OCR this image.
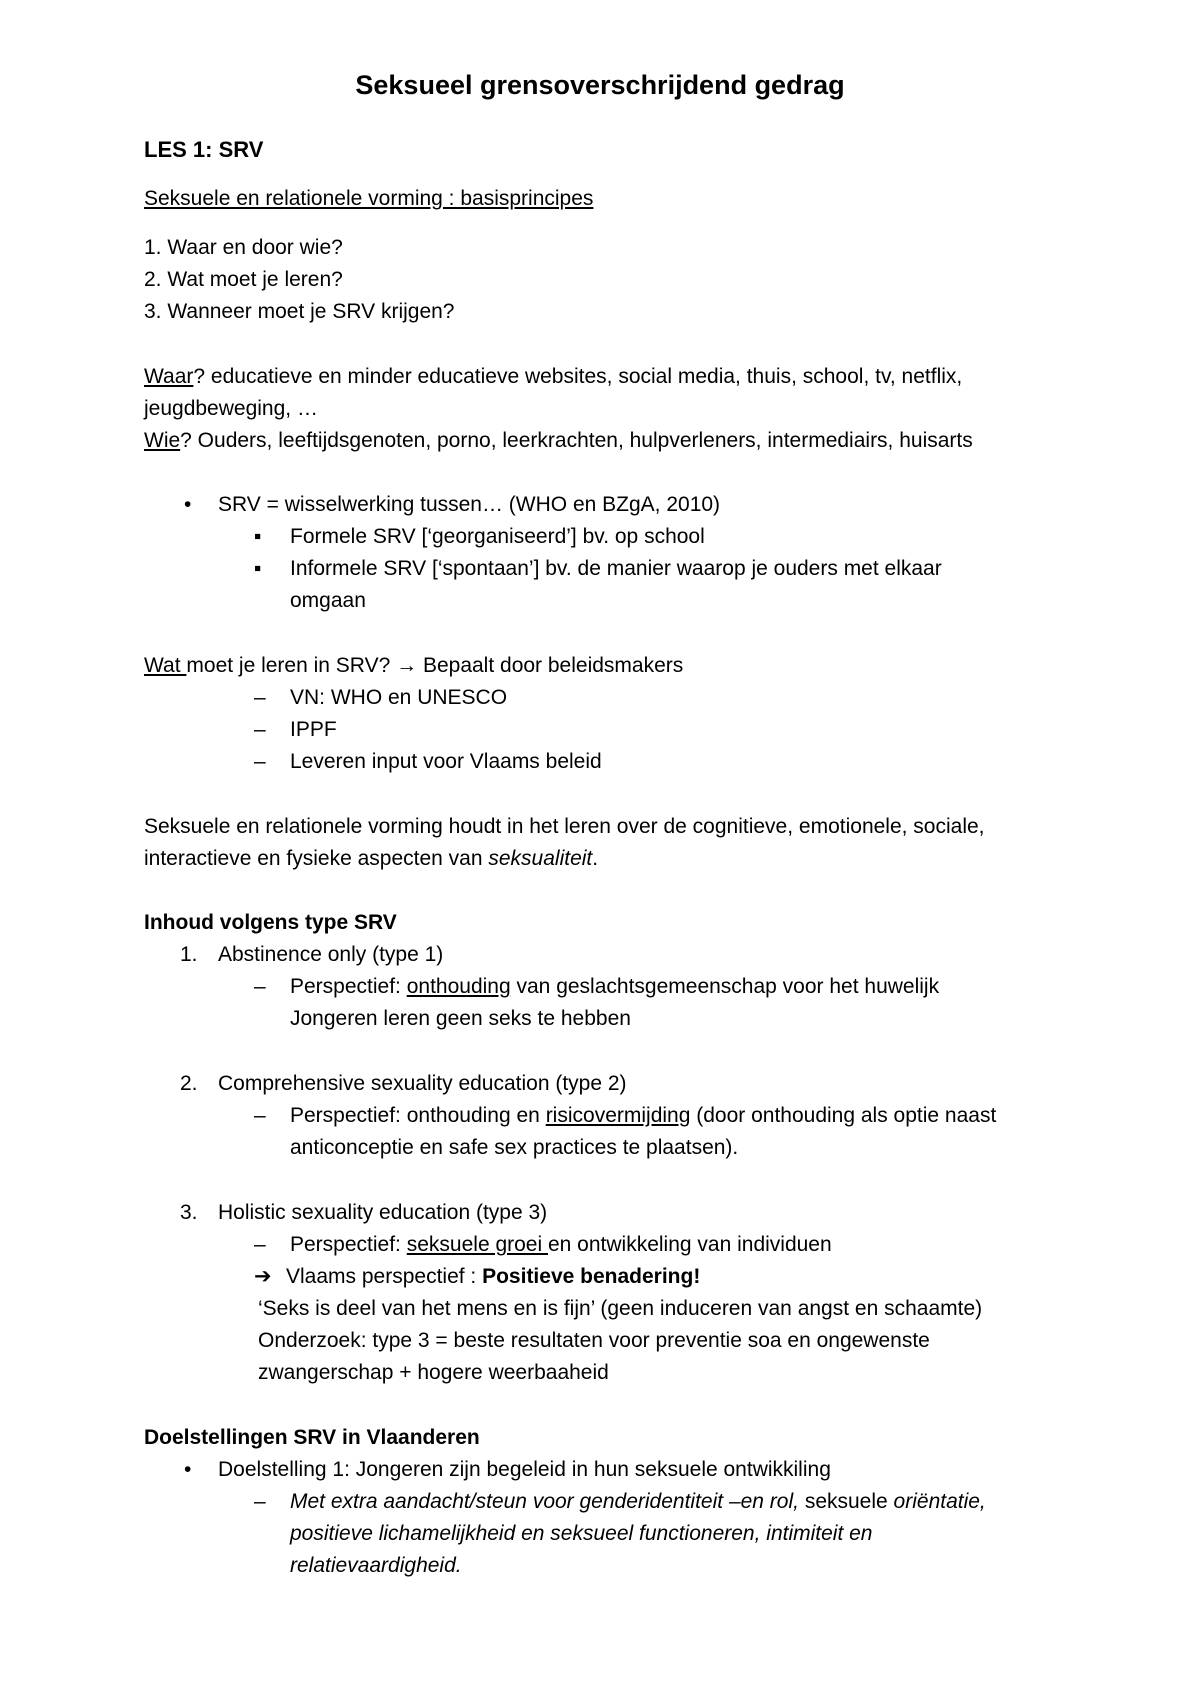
Seksueel grensoverschrijdend gedrag
LES 1: SRV
Seksuele en relationele vorming : basisprincipes
1. Waar en door wie?
2. Wat moet je leren?
3. Wanneer moet je SRV krijgen?
Waar? educatieve en minder educatieve websites, social media, thuis, school, tv, netflix,
jeugdbeweging, …
Wie? Ouders, leeftijdsgenoten, porno, leerkrachten, hulpverleners, intermediairs, huisarts
• SRV = wisselwerking tussen… (WHO en BZgA, 2010)
▪ Formele SRV [‘georganiseerd’] bv. op school
▪ Informele SRV [‘spontaan’] bv. de manier waarop je ouders met elkaar
omgaan
Wat moet je leren in SRV? → Bepaalt door beleidsmakers
– VN: WHO en UNESCO
– IPPF
– Leveren input voor Vlaams beleid
Seksuele en relationele vorming houdt in het leren over de cognitieve, emotionele, sociale,
interactieve en fysieke aspecten van seksualiteit.
Inhoud volgens type SRV
1. Abstinence only (type 1)
– Perspectief: onthouding van geslachtsgemeenschap voor het huwelijk
Jongeren leren geen seks te hebben
2. Comprehensive sexuality education (type 2)
– Perspectief: onthouding en risicovermijding (door onthouding als optie naast
anticonceptie en safe sex practices te plaatsen).
3. Holistic sexuality education (type 3)
– Perspectief: seksuele groei en ontwikkeling van individuen
➔ Vlaams perspectief : Positieve benadering!
‘Seks is deel van het mens en is fijn’ (geen induceren van angst en schaamte)
Onderzoek: type 3 = beste resultaten voor preventie soa en ongewenste
zwangerschap + hogere weerbaaheid
Doelstellingen SRV in Vlaanderen
• Doelstelling 1: Jongeren zijn begeleid in hun seksuele ontwikkiling
– Met extra aandacht/steun voor genderidentiteit –en rol, seksuele oriëntatie,
positieve lichamelijkheid en seksueel functioneren, intimiteit en
relatievaardigheid.
